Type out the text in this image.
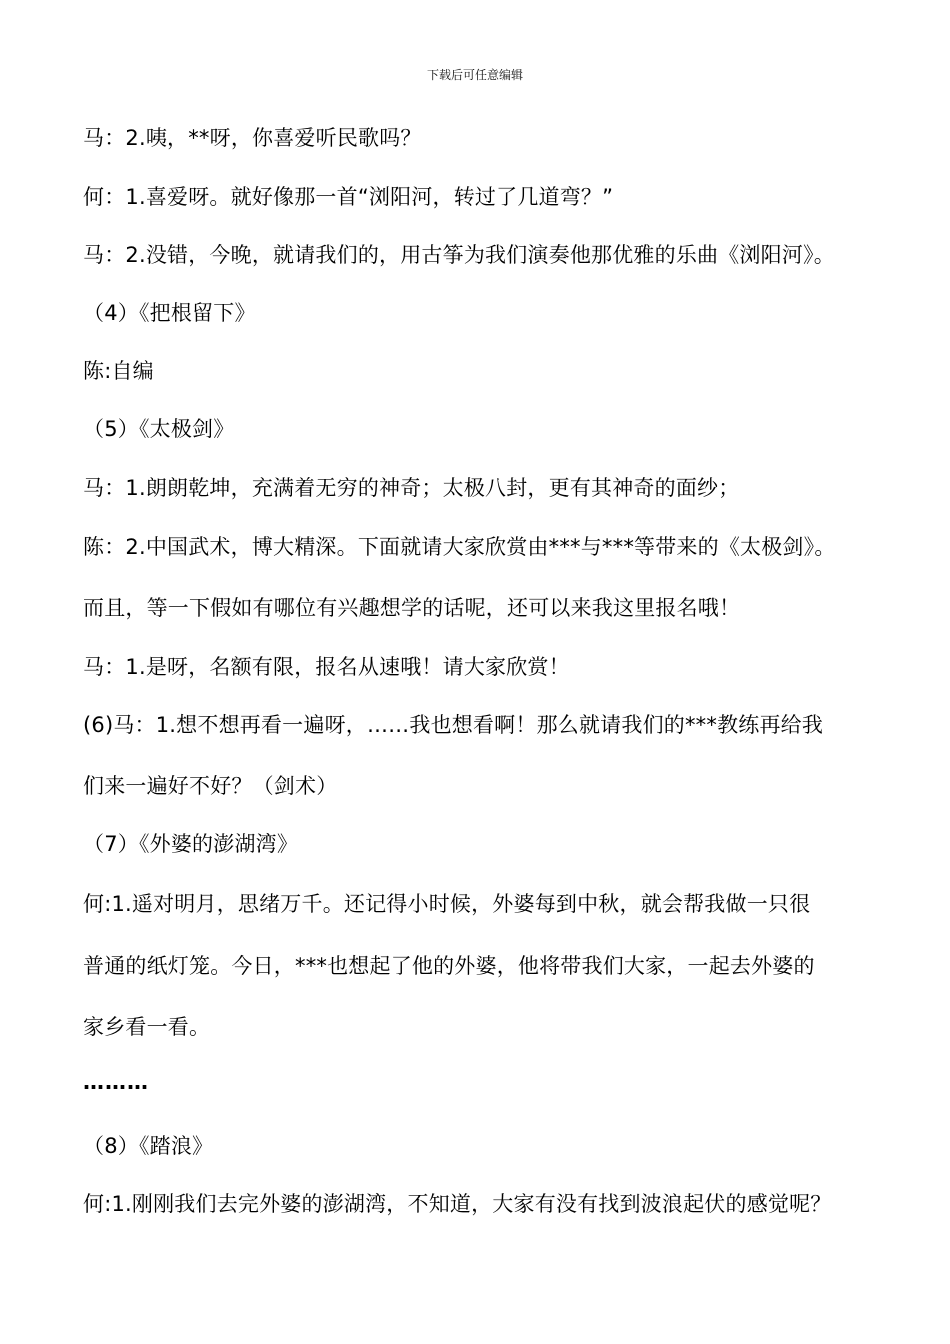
下载后可任意编辑
马：2.咦，**呀，你喜爱听民歌吗？
何：1.喜爱呀。就好像那一首“浏阳河，转过了几道弯？”
马：2.没错，今晚，就请我们的，用古筝为我们演奏他那优雅的乐曲《浏阳河》。
（4）《把根留下》
陈:自编
（5）《太极剑》
马：1.朗朗乾坤，充满着无穷的神奇；太极八封，更有其神奇的面纱；
陈：2.中国武术，博大精深。下面就请大家欣赏由***与***等带来的《太极剑》。
而且，等一下假如有哪位有兴趣想学的话呢，还可以来我这里报名哦！
马：1.是呀，名额有限，报名从速哦！请大家欣赏！
(6)马：1.想不想再看一遍呀，……我也想看啊！那么就请我们的***教练再给我
们来一遍好不好？（剑术）
（7）《外婆的澎湖湾》
何:1.遥对明月，思绪万千。还记得小时候，外婆每到中秋，就会帮我做一只很
普通的纸灯笼。今日，***也想起了他的外婆，他将带我们大家，一起去外婆的
家乡看一看。
………
（8）《踏浪》
何:1.刚刚我们去完外婆的澎湖湾，不知道，大家有没有找到波浪起伏的感觉呢？
